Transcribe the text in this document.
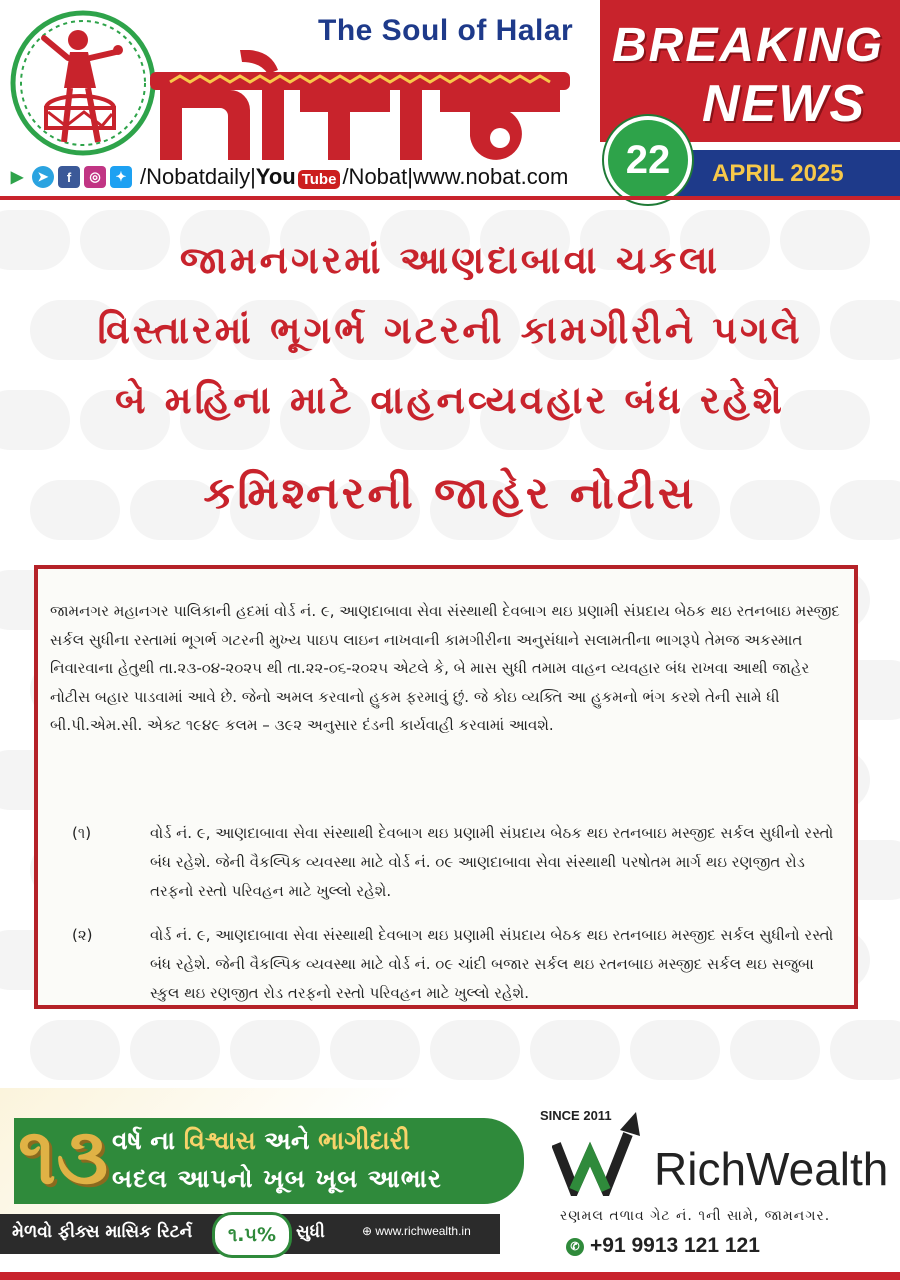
The Soul of Halar
▶	➤	f	◎	✦ /Nobatdaily|You Tube /Nobat|www.nobat.com
BREAKING
NEWS
APRIL 2025
22
જામનગરમાં આણદાબાવા ચકલા
વિસ્તારમાં ભૂગર્ભ ગટરની કામગીરીને પગલે
બે મહિના માટે વાહનવ્યવહાર બંધ રહેશે
કમિશ્નરની જાહેર નોટીસ

જામનગર મહાનગર પાલિકાની હદમાં વોર્ડ નં. ૯, આણદાબાવા સેવા સંસ્થાથી દેવબાગ થઇ પ્રણામી સંપ્રદાય બેઠક થઇ રતનબાઇ મસ્જીદ સર્કલ સુધીના રસ્તામાં ભૂગર્ભ ગટરની મુખ્ય પાઇપ લાઇન નાખવાની કામગીરીના અનુસંધાને સલામતીના ભાગરૂપે તેમજ અકસ્માત નિવારવાના હેતુથી તા.૨૩-૦૪-૨૦૨૫ થી તા.૨૨-૦૬-૨૦૨૫ એટલે કે, બે માસ સુધી તમામ વાહન વ્યવહાર બંધ રાખવા આથી જાહેર નોટીસ બહાર પાડવામાં આવે છે. જેનો અમલ કરવાનો હુકમ ફરમાવું છું. જે કોઇ વ્યક્તિ આ હુકમનો ભંગ કરશે તેની સામે ધી બી.પી.એમ.સી. એક્ટ ૧૯૪૯ કલમ – ૩૯૨ અનુસાર દંડની કાર્યવાહી કરવામાં આવશે.

(૧)	વોર્ડ નં. ૯, આણદાબાવા સેવા સંસ્થાથી દેવબાગ થઇ પ્રણામી સંપ્રદાય બેઠક થઇ રતનબાઇ મસ્જીદ સર્કલ સુધીનો રસ્તો બંધ રહેશે. જેની વૈકલ્પિક વ્યવસ્થા માટે વોર્ડ નં. ૦૯ આણદાબાવા સેવા સંસ્થાથી પરષોતમ માર્ગ થઇ રણજીત રોડ તરફનો રસ્તો પરિવહન માટે ખુલ્લો રહેશે.
(૨)	વોર્ડ નં. ૯, આણદાબાવા સેવા સંસ્થાથી દેવબાગ થઇ પ્રણામી સંપ્રદાય બેઠક થઇ રતનબાઇ મસ્જીદ સર્કલ સુધીનો રસ્તો બંધ રહેશે. જેની વૈકલ્પિક વ્યવસ્થા માટે વોર્ડ નં. ૦૯ ચાંદી બજાર સર્કલ થઇ રતનબાઇ મસ્જીદ સર્કલ થઇ સજુબા સ્કુલ થઇ રણજીત રોડ તરફનો રસ્તો પરિવહન માટે ખુલ્લો રહેશે.
૧૩ વર્ષ ના વિશ્વાસ અને ભાગીદારી
બદલ આપનો ખૂબ ખૂબ આભાર
મેળવો ફીક્સ માસિક રિટર્ન	૧.૫%	સુધી	⊕ www.richwealth.in
SINCE 2011
RichWealth
રણમલ તળાવ ગેટ નં. ૧ની સામે, જામનગર.
✆ +91 9913 121 121
